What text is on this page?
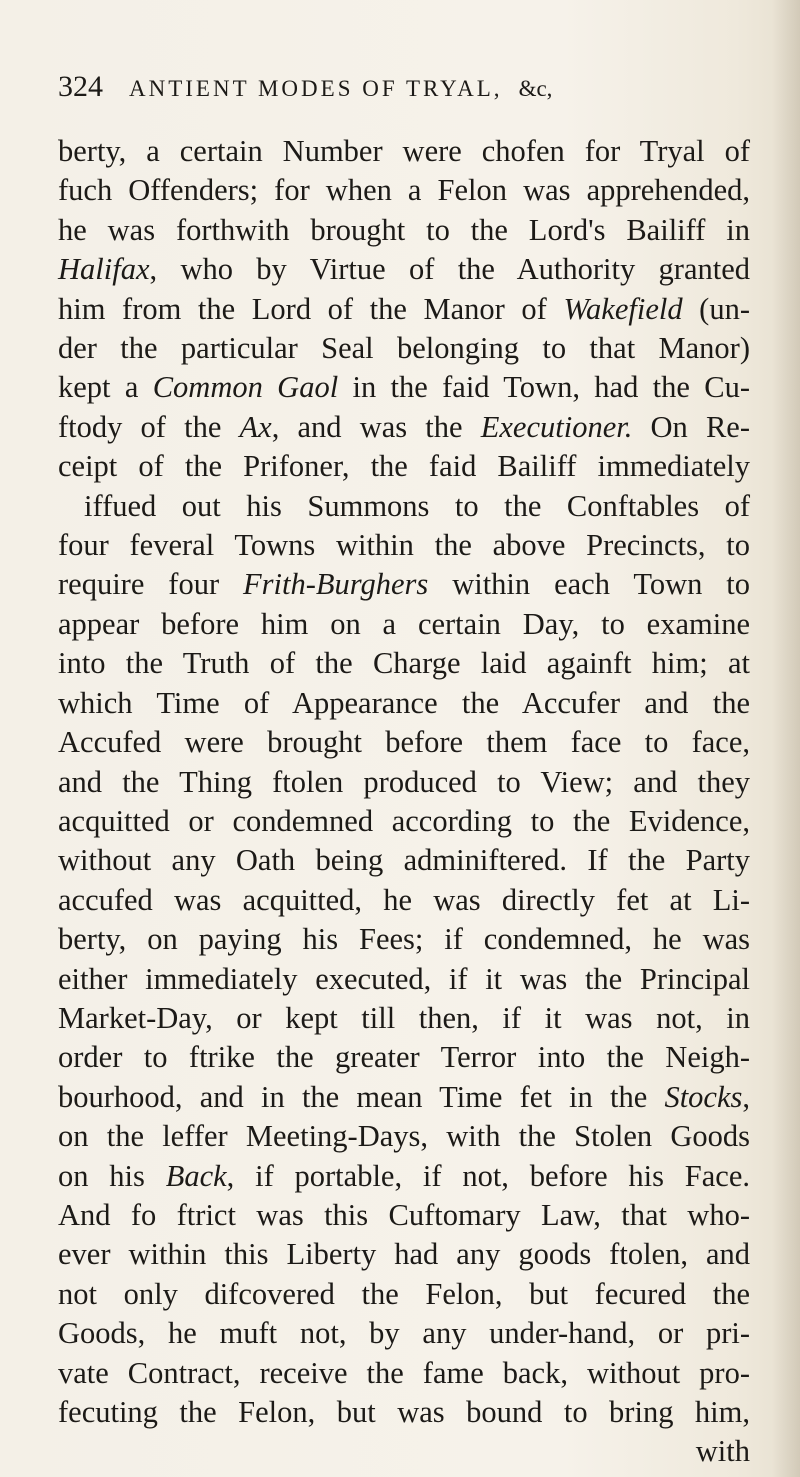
324 ANTIENT MODES OF TRYAL, &c,
berty, a certain Number were chofen for Tryal of
fuch Offenders; for when a Felon was apprehended,
he was forthwith brought to the Lord's Bailiff in
Halifax, who by Virtue of the Authority granted
him from the Lord of the Manor of Wakefield (un-
der the particular Seal belonging to that Manor)
kept a Common Gaol in the faid Town, had the Cu-
ftody of the Ax, and was the Executioner. On Re-
ceipt of the Prifoner, the faid Bailiff immediately
iffued out his Summons to the Conftables of
four feveral Towns within the above Precincts, to
require four Frith-Burghers within each Town to
appear before him on a certain Day, to examine
into the Truth of the Charge laid againft him; at
which Time of Appearance the Accufer and the
Accufed were brought before them face to face,
and the Thing ftolen produced to View; and they
acquitted or condemned according to the Evidence,
without any Oath being adminiftered. If the Party
accufed was acquitted, he was directly fet at Li-
berty, on paying his Fees; if condemned, he was
either immediately executed, if it was the Principal
Market-Day, or kept till then, if it was not, in
order to ftrike the greater Terror into the Neigh-
bourhood, and in the mean Time fet in the Stocks,
on the leffer Meeting-Days, with the Stolen Goods
on his Back, if portable, if not, before his Face.
And fo ftrict was this Cuftomary Law, that who-
ever within this Liberty had any goods ftolen, and
not only difcovered the Felon, but fecured the
Goods, he muft not, by any under-hand, or pri-
vate Contract, receive the fame back, without pro-
fecuting the Felon, but was bound to bring him,
with
